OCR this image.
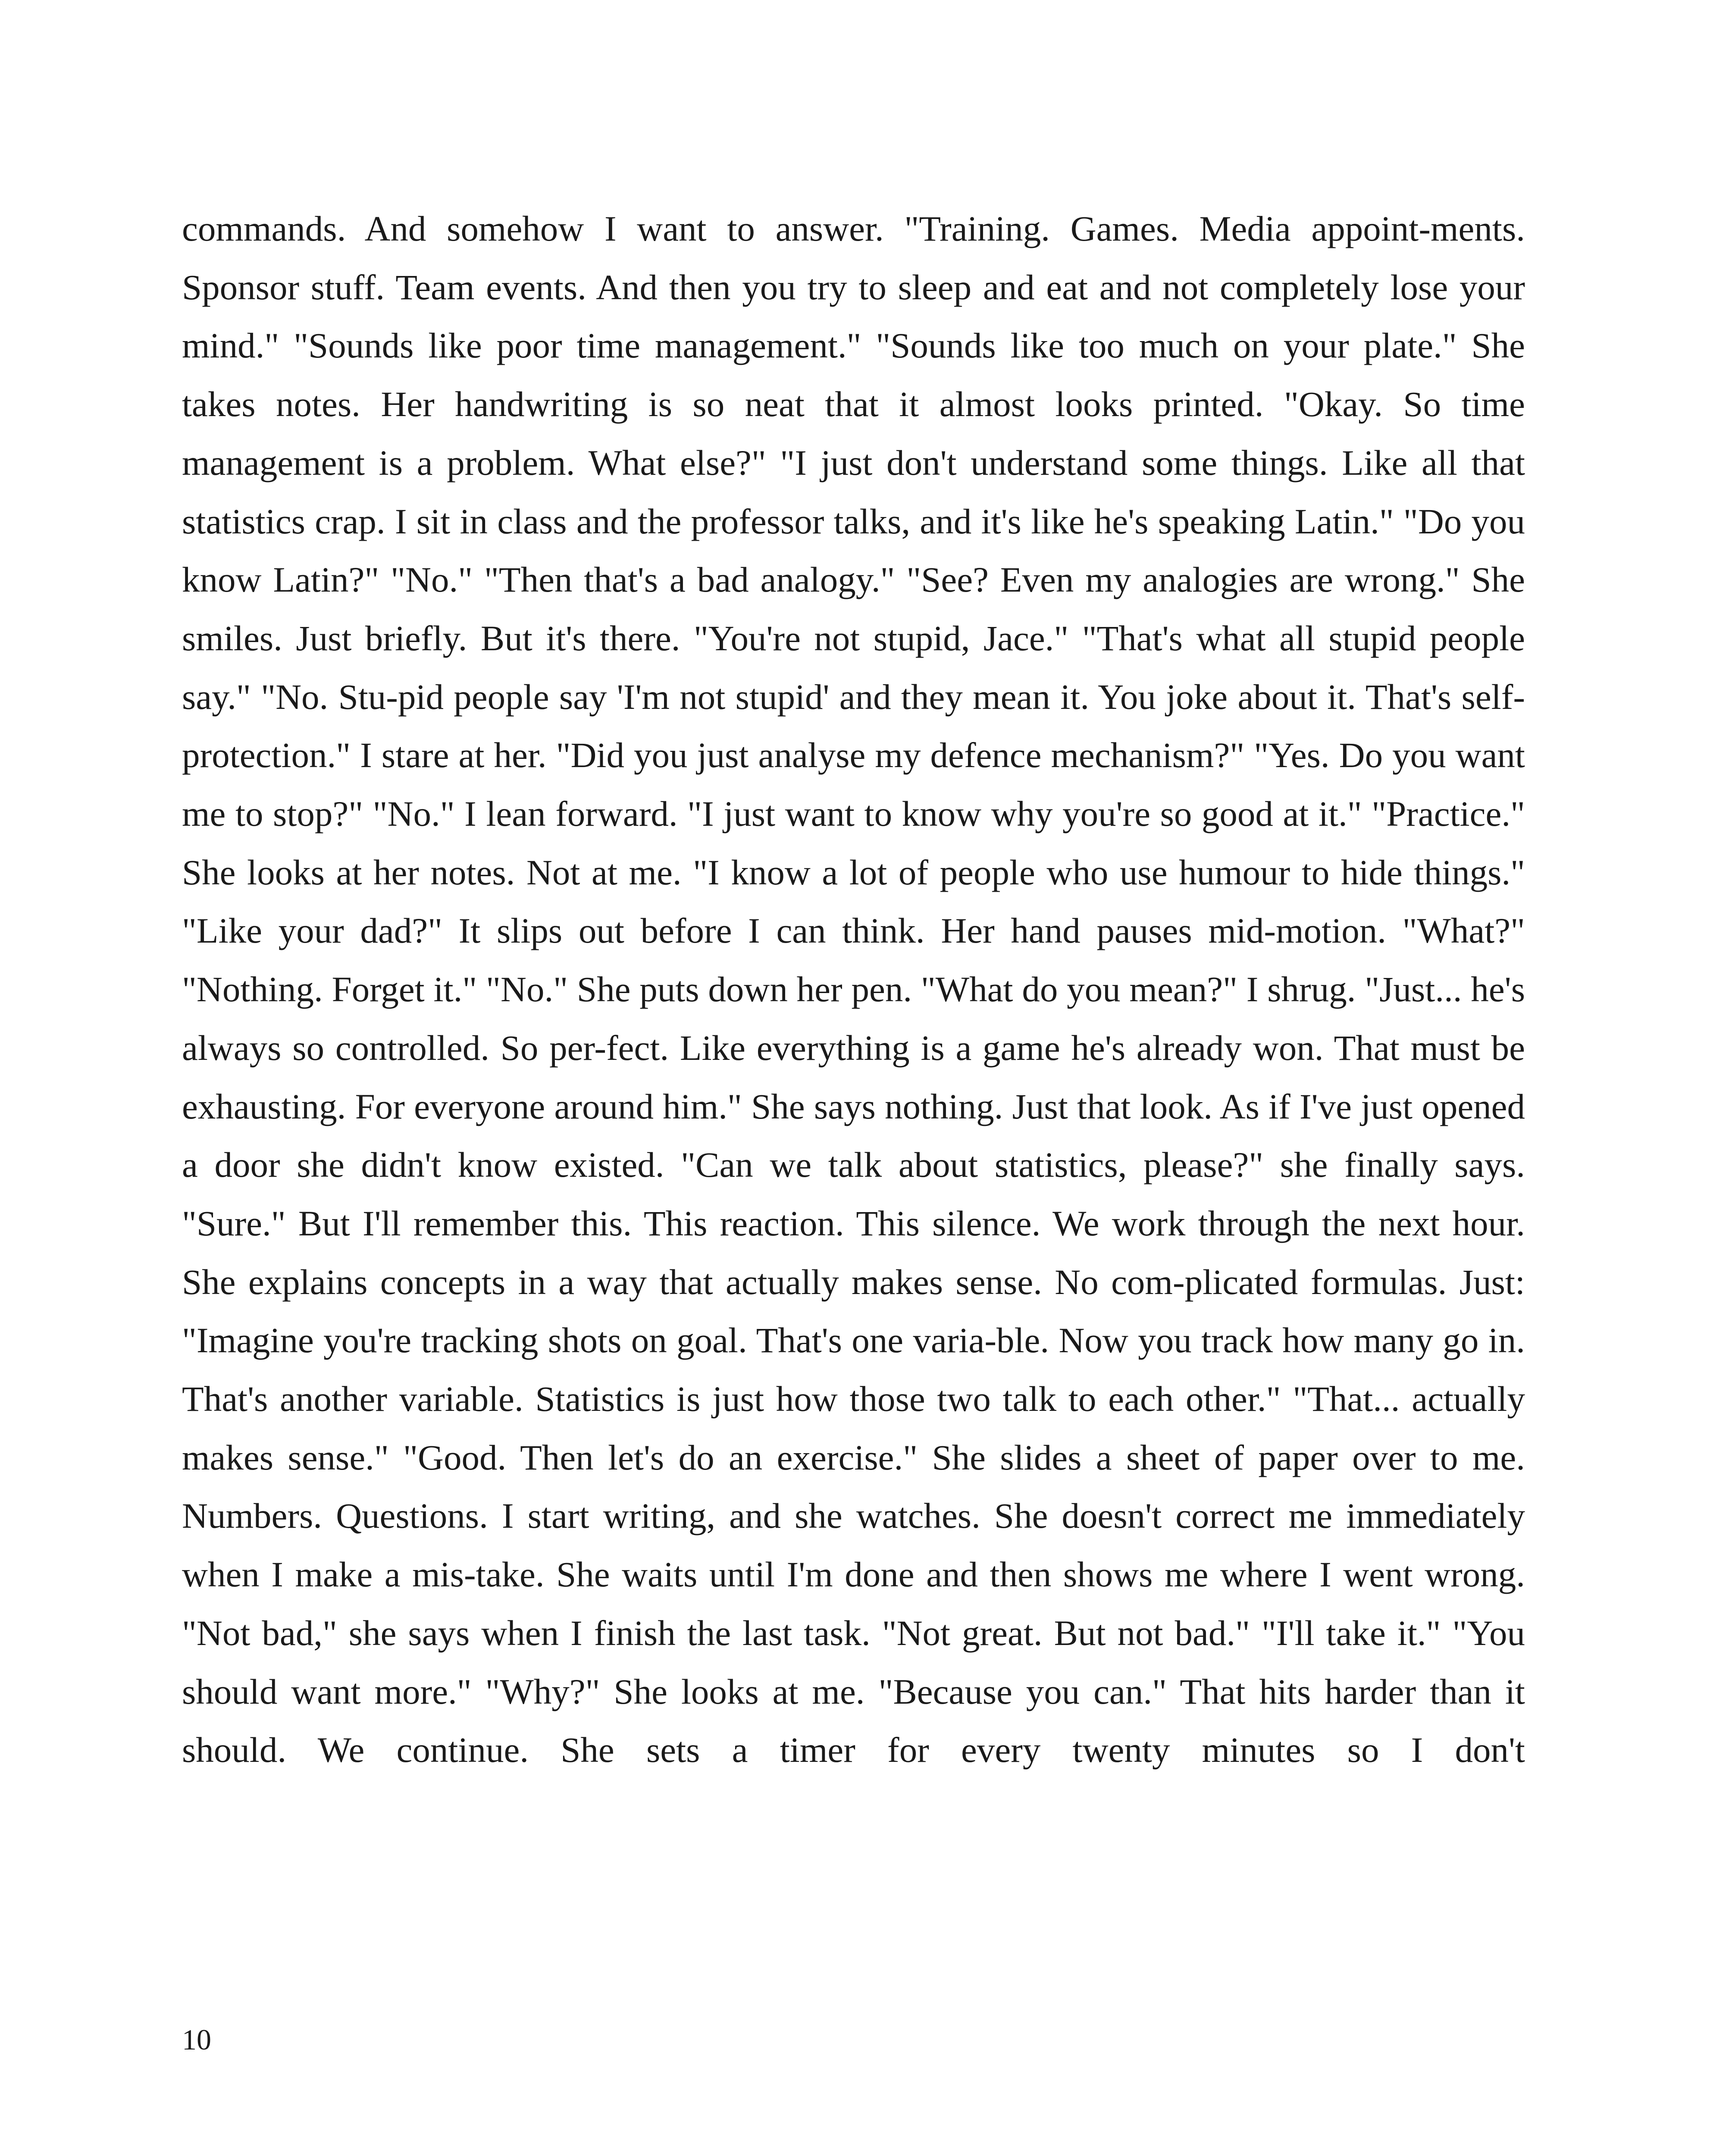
commands. And somehow I want to answer. "Training. Games. Media appoint-ments. Sponsor stuff. Team events. And then you try to sleep and eat and not completely lose your mind." "Sounds like poor time management." "Sounds like too much on your plate." She takes notes. Her handwriting is so neat that it almost looks printed. "Okay. So time management is a problem. What else?" "I just don't understand some things. Like all that statistics crap. I sit in class and the professor talks, and it's like he's speaking Latin." "Do you know Latin?" "No." "Then that's a bad analogy." "See? Even my analogies are wrong." She smiles. Just briefly. But it's there. "You're not stupid, Jace." "That's what all stupid people say." "No. Stu-pid people say 'I'm not stupid' and they mean it. You joke about it. That's self-protection." I stare at her. "Did you just analyse my defence mechanism?" "Yes. Do you want me to stop?" "No." I lean forward. "I just want to know why you're so good at it." "Practice." She looks at her notes. Not at me. "I know a lot of people who use humour to hide things." "Like your dad?" It slips out before I can think. Her hand pauses mid-motion. "What?" "Nothing. Forget it." "No." She puts down her pen. "What do you mean?" I shrug. "Just... he's always so controlled. So per-fect. Like everything is a game he's already won. That must be exhausting. For everyone around him." She says nothing. Just that look. As if I've just opened a door she didn't know existed. "Can we talk about statistics, please?" she finally says. "Sure." But I'll remember this. This reaction. This silence. We work through the next hour. She explains concepts in a way that actually makes sense. No com-plicated formulas. Just: "Imagine you're tracking shots on goal. That's one varia-ble. Now you track how many go in. That's another variable. Statistics is just how those two talk to each other." "That... actually makes sense." "Good. Then let's do an exercise." She slides a sheet of paper over to me. Numbers. Questions. I start writing, and she watches. She doesn't correct me immediately when I make a mis-take. She waits until I'm done and then shows me where I went wrong. "Not bad," she says when I finish the last task. "Not great. But not bad." "I'll take it." "You should want more." "Why?" She looks at me. "Because you can." That hits harder than it should. We continue. She sets a timer for every twenty minutes so I don't

10
